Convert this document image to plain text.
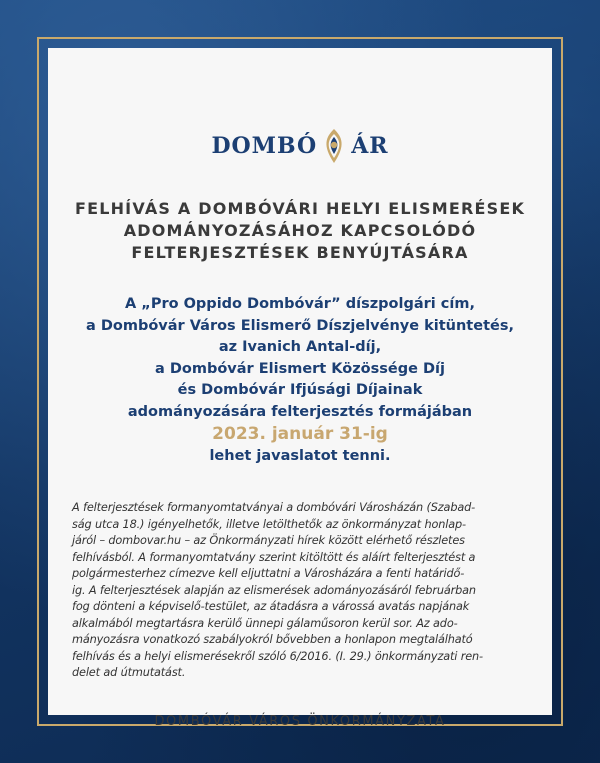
DOMBÓ ÁR
FELHÍVÁS A DOMBÓVÁRI HELYI ELISMERÉSEK
ADOMÁNYOZÁSÁHOZ KAPCSOLÓDÓ
FELTERJESZTÉSEK BENYÚJTÁSÁRA
A „Pro Oppido Dombóvár” díszpolgári cím,
a Dombóvár Város Elismerő Díszjelvénye kitüntetés,
az Ivanich Antal-díj,
a Dombóvár Elismert Közössége Díj
és Dombóvár Ifjúsági Díjainak
adományozására felterjesztés formájában
2023. január 31-ig
lehet javaslatot tenni.
A felterjesztések formanyomtatványai a dombóvári Városházán (Szabad-
ság utca 18.) igényelhetők, illetve letölthetők az önkormányzat honlap-
járól – dombovar.hu – az Önkormányzati hírek között elérhető részletes
felhívásból. A formanyomtatvány szerint kitöltött és aláírt felterjesztést a
polgármesterhez címezve kell eljuttatni a Városházára a fenti határidő-
ig. A felterjesztések alapján az elismerések adományozásáról februárban
fog dönteni a képviselő-testület, az átadásra a várossá avatás napjának
alkalmából megtartásra kerülő ünnepi gálaműsoron kerül sor. Az ado-
mányozásra vonatkozó szabályokról bővebben a honlapon megtalálható
felhívás és a helyi elismerésekről szóló 6/2016. (I. 29.) önkormányzati ren-
delet ad útmutatást.
DOMBÓVÁR VÁROS ÖNKORMÁNYZATA
